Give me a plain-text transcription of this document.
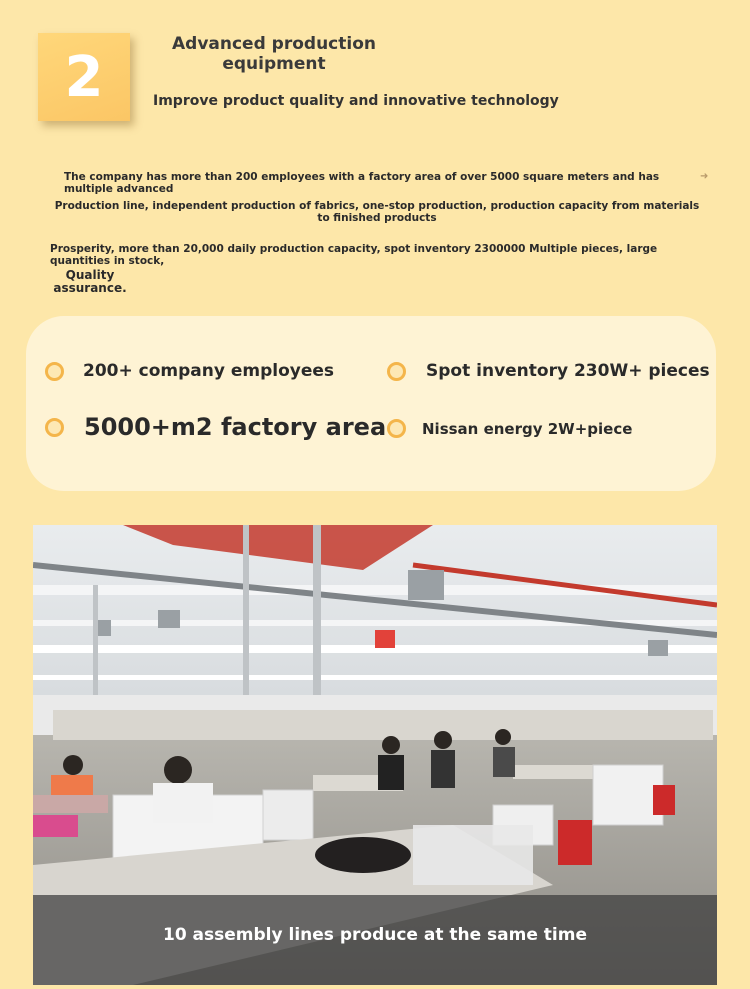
2
Advanced production equipment
Improve product quality and innovative technology
The company has more than 200 employees with a factory area of over 5000 square meters and has multiple advanced
➜
Production line, independent production of fabrics, one-stop production, production capacity from materials to finished products
Prosperity, more than 20,000 daily production capacity, spot inventory 2300000 Multiple pieces, large quantities in stock,
Quality assurance.
200+ company employees	Spot inventory 230W+ pieces
5000+m2 factory area Nissan energy 2W+piece
10 assembly lines produce at the same time
